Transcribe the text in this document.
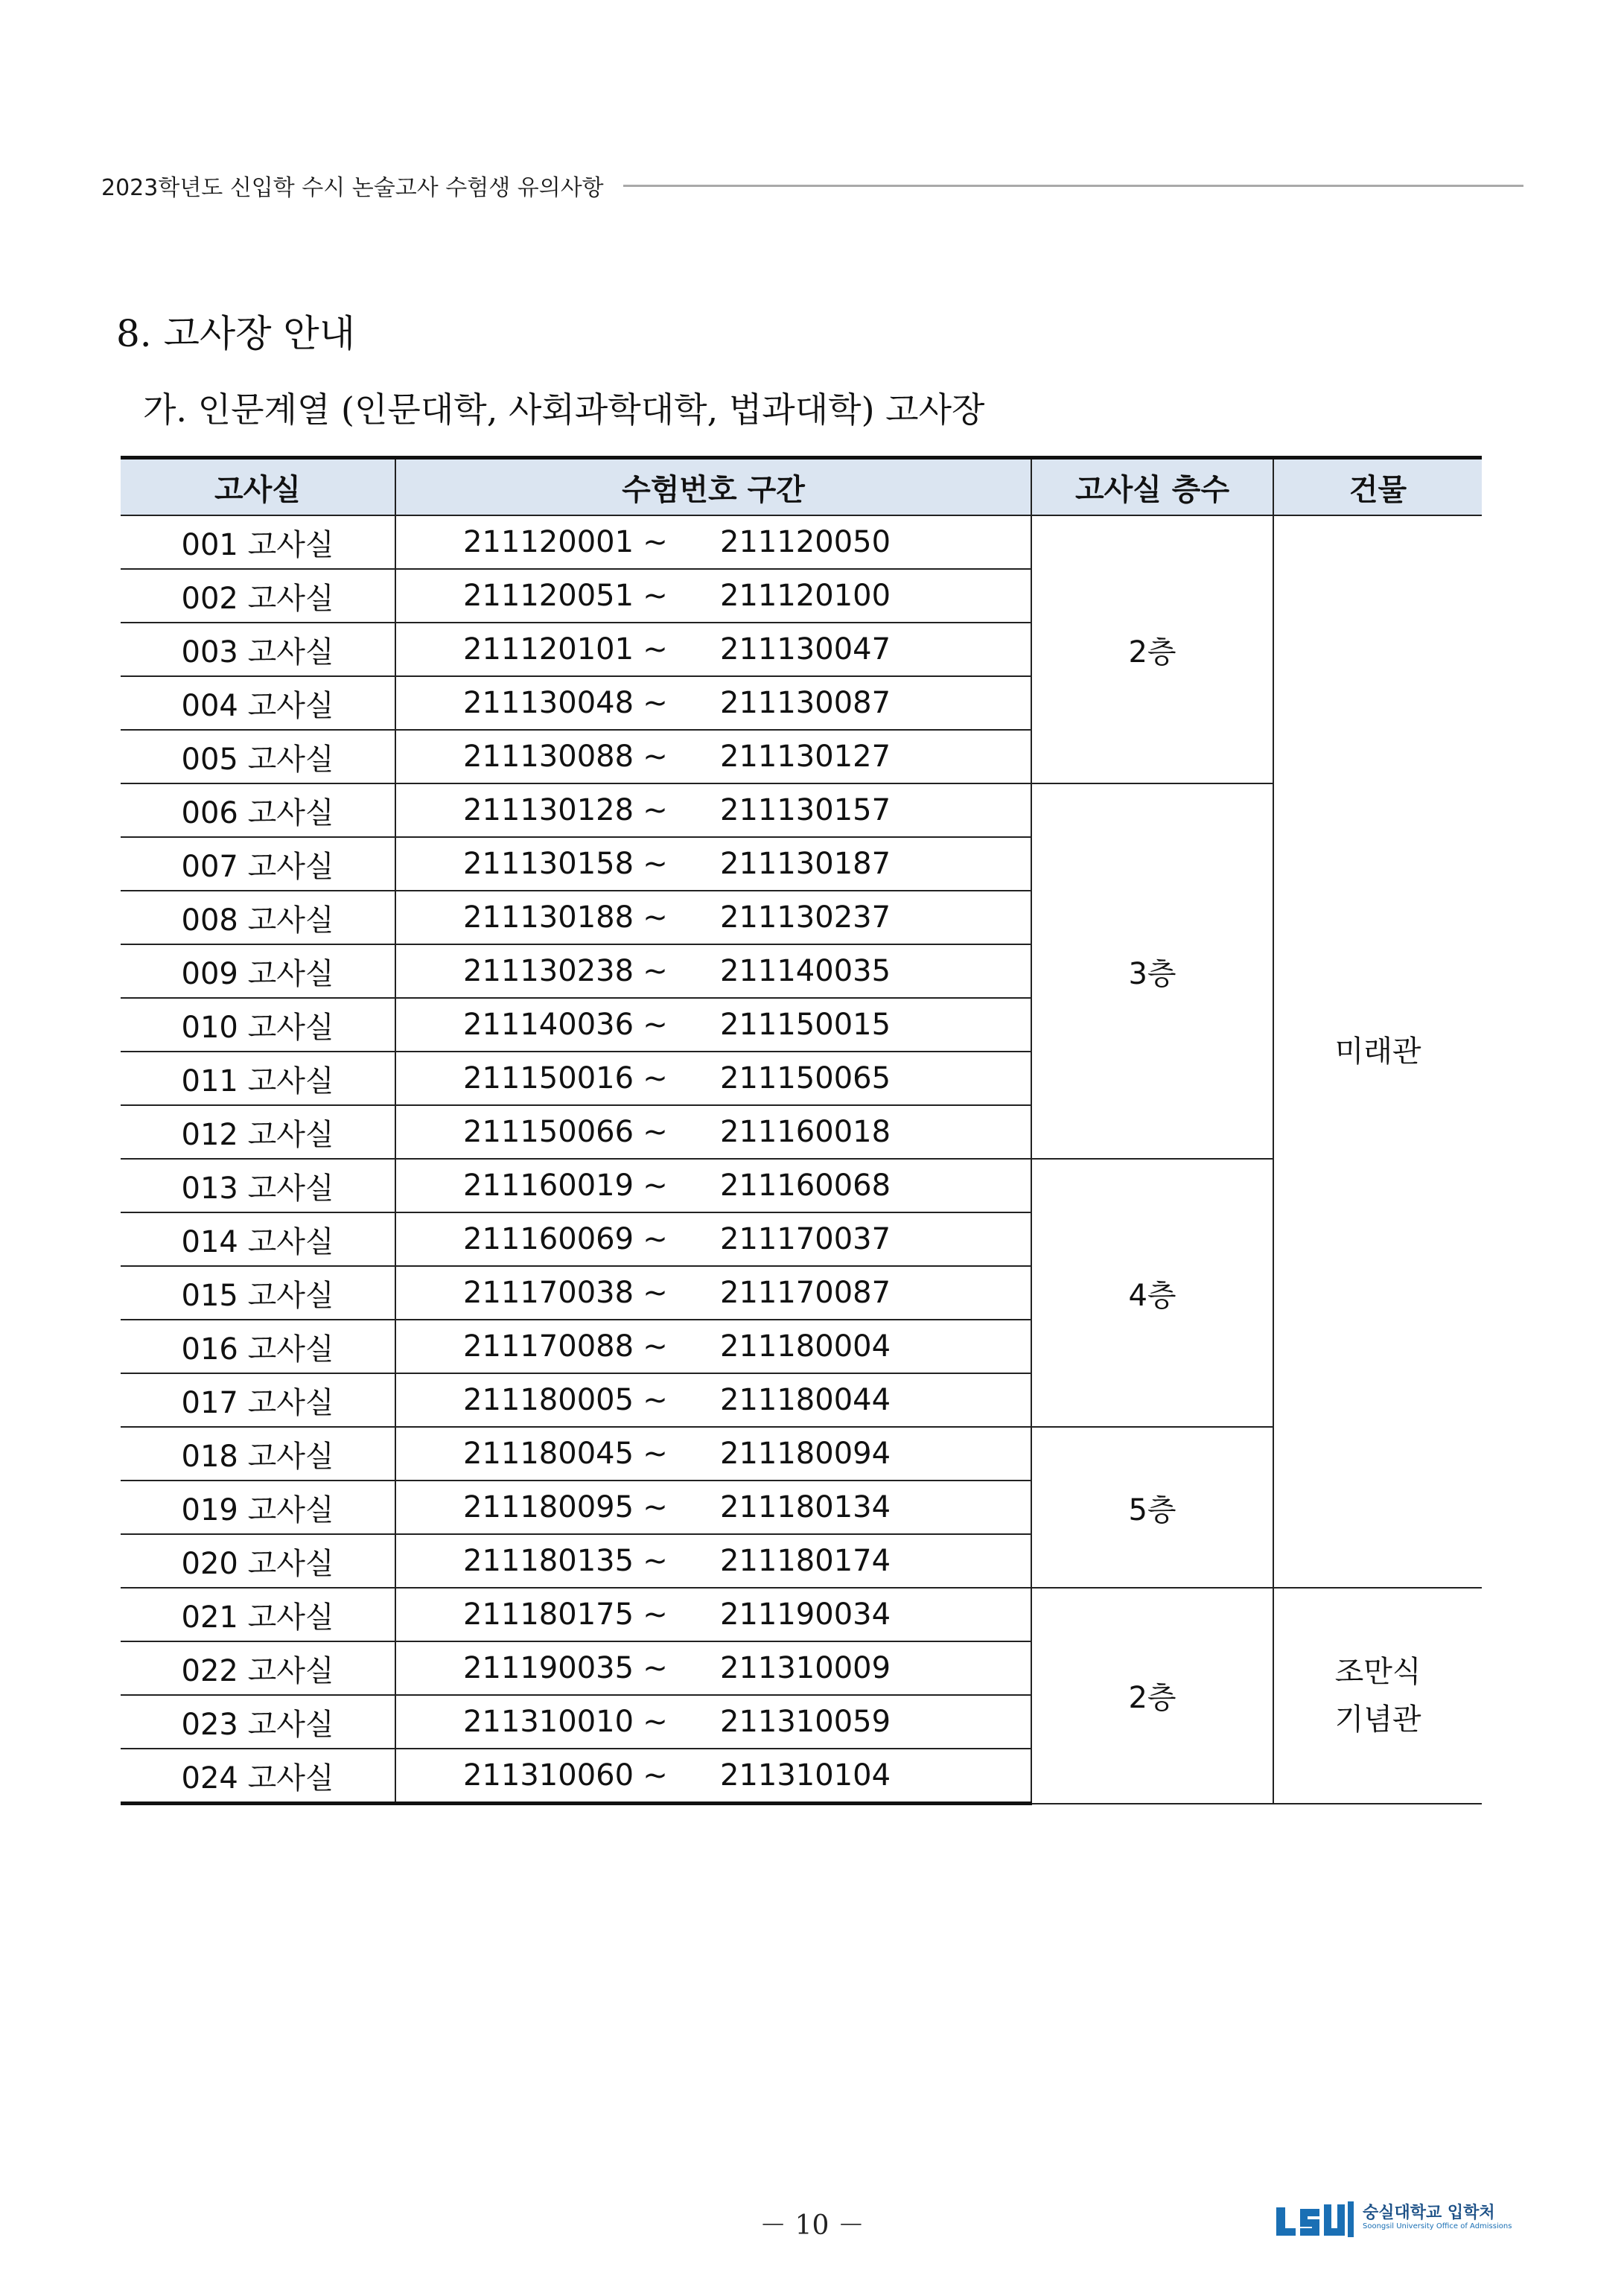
2023학년도 신입학 수시 논술고사 수험생 유의사항
8. 고사장 안내
가. 인문계열 (인문대학, 사회과학대학, 법과대학) 고사장
고사실	수험번호 구간			고사실 층수	건물
001 고사실	211120001	~	211120050	2층	미래관

002 고사실	211120051	~	211120100		
003 고사실	211120101	~	211130047		
004 고사실	211130048	~	211130087		
005 고사실	211130088	~	211130127		
006 고사실	211130128	~	211130157	3층	
007 고사실	211130158	~	211130187		
008 고사실	211130188	~	211130237		
009 고사실	211130238	~	211140035		
010 고사실	211140036	~	211150015		
011 고사실	211150016	~	211150065		
012 고사실	211150066	~	211160018		
013 고사실	211160019	~	211160068	4층	
014 고사실	211160069	~	211170037		
015 고사실	211170038	~	211170087		
016 고사실	211170088	~	211180004		
017 고사실	211180005	~	211180044		
018 고사실	211180045	~	211180094	5층	
019 고사실	211180095	~	211180134		
020 고사실	211180135	~	211180174		
021 고사실	211180175	~	211190034	2층	조만식
기념관

022 고사실	211190035	~	211310009		
023 고사실	211310010	~	211310059		
024 고사실	211310060	~	211310104		
－ 10 －	숭실대학교 입학처
Soongsil University Office of Admissions
